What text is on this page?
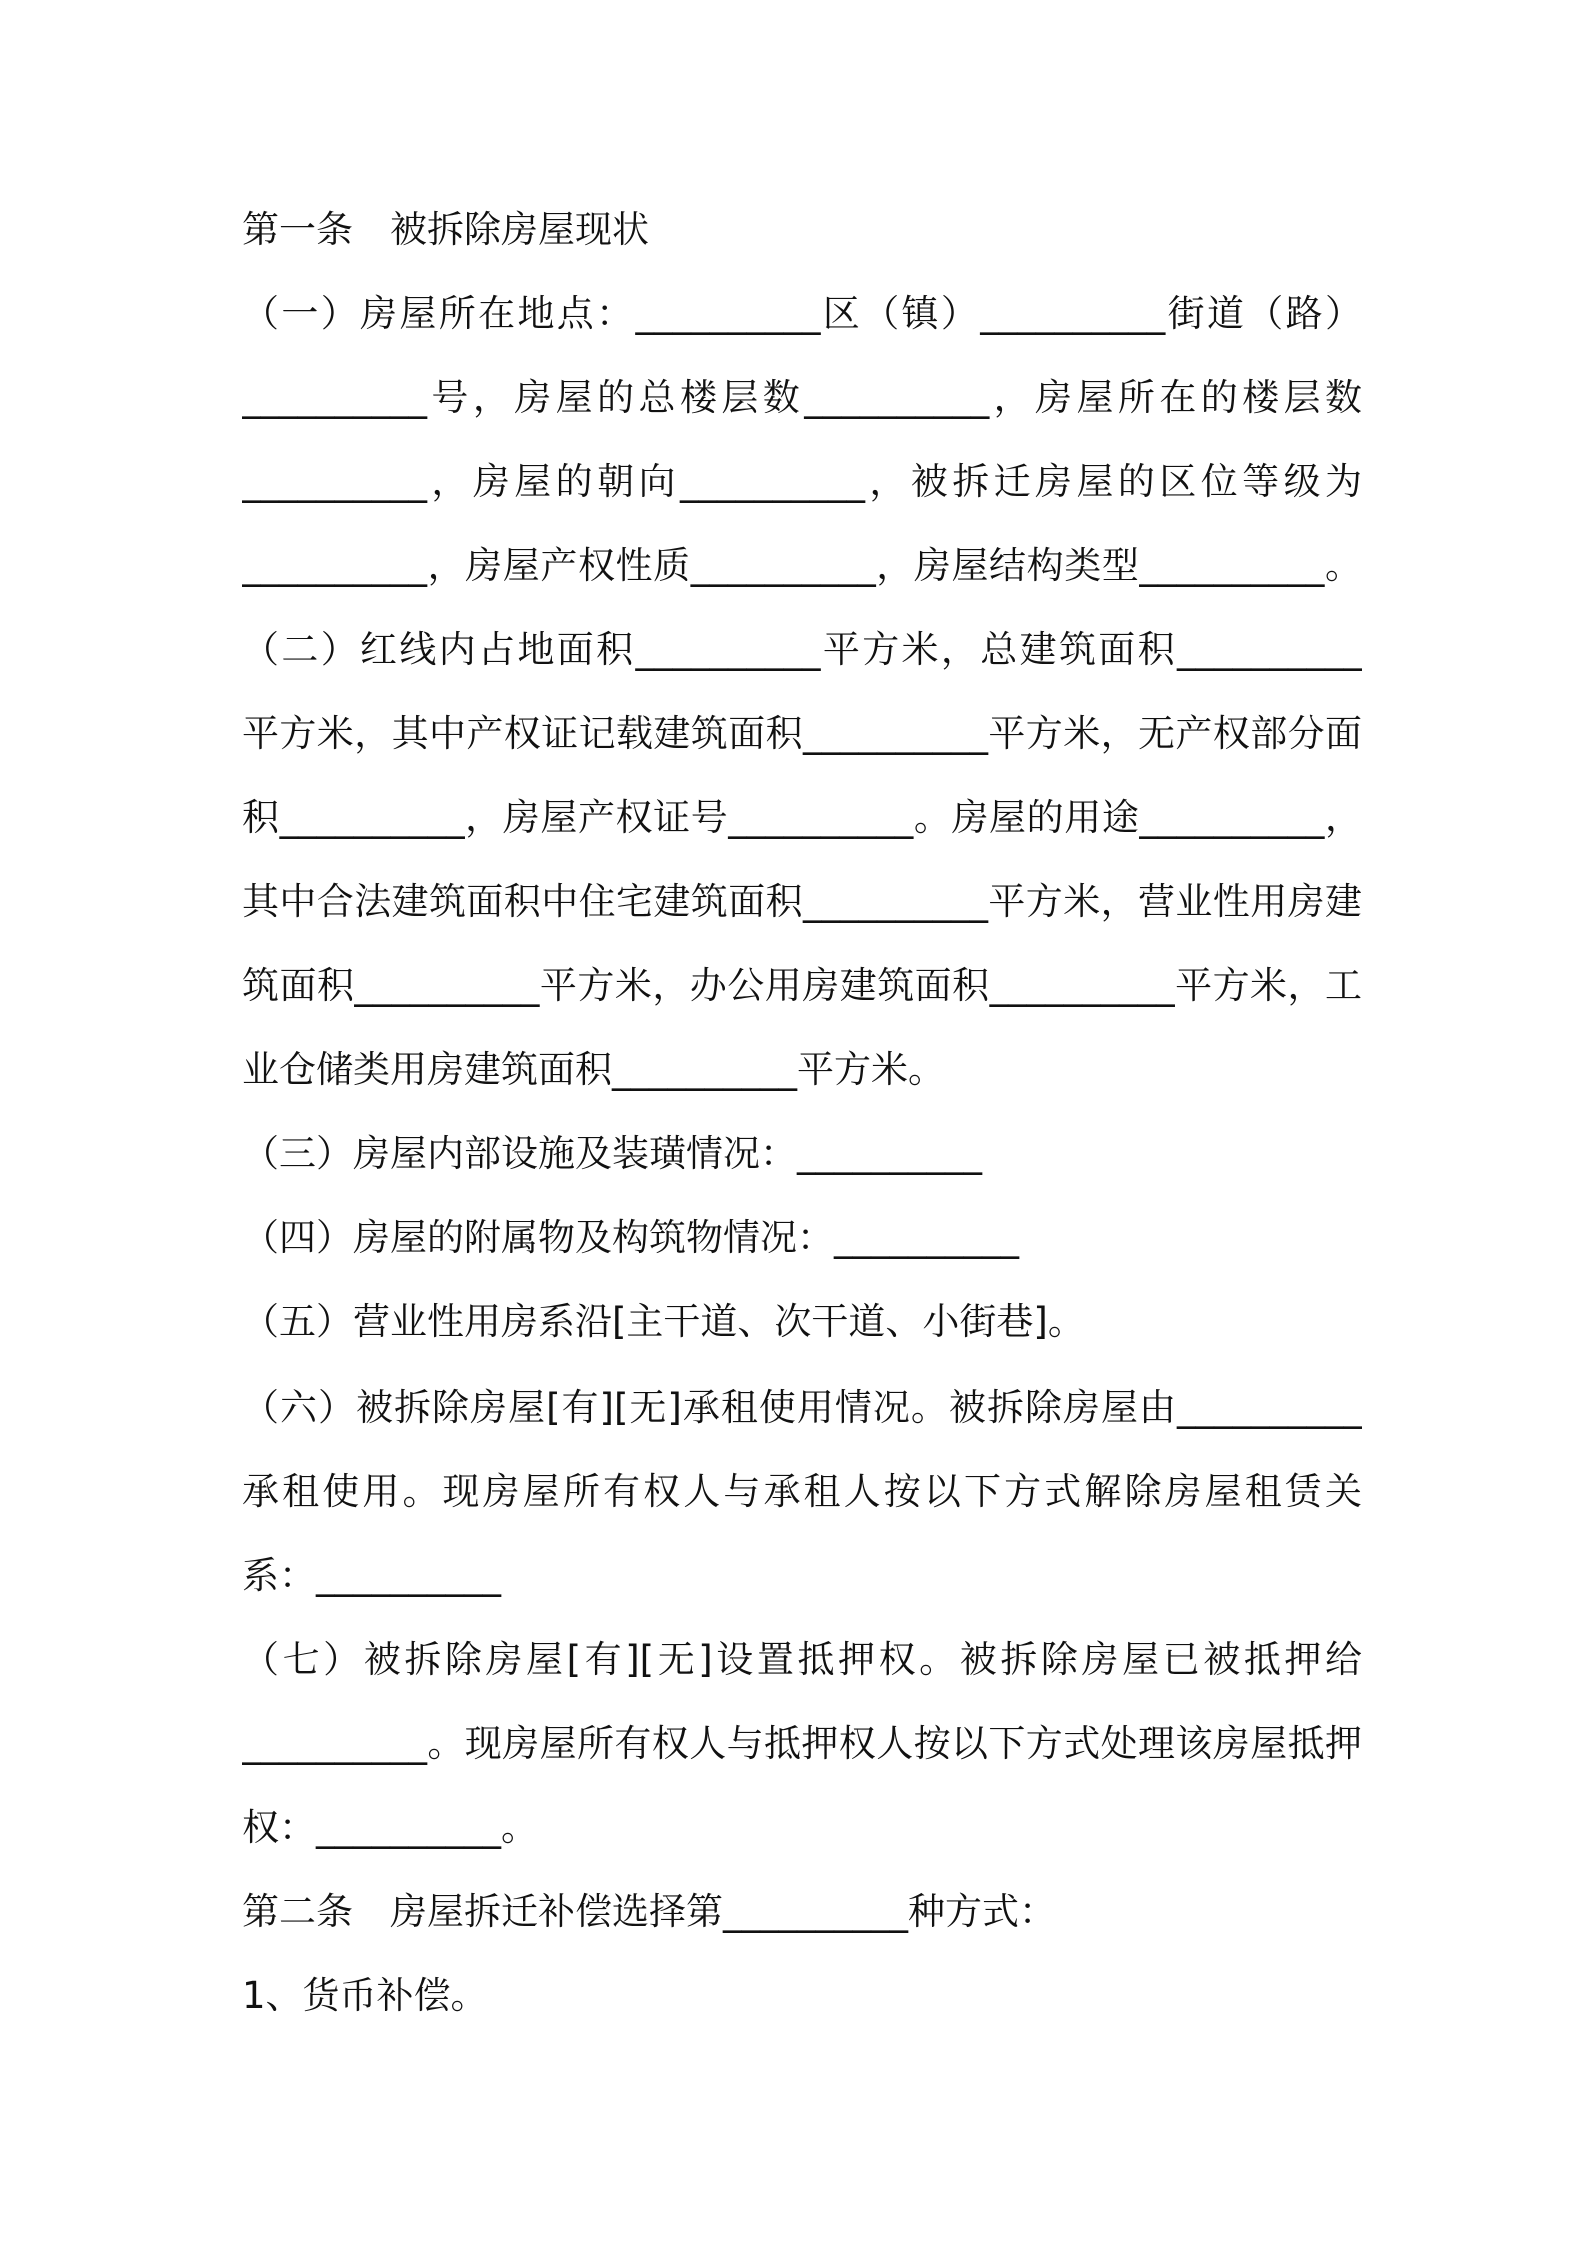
第一条　被拆除房屋现状
（一）房屋所在地点：__________区（镇）__________街道（路）
__________号，房屋的总楼层数__________，房屋所在的楼层数
__________，房屋的朝向__________，被拆迁房屋的区位等级为
__________，房屋产权性质__________，房屋结构类型__________。
（二）红线内占地面积__________平方米，总建筑面积__________
平方米，其中产权证记载建筑面积__________平方米，无产权部分面
积__________，房屋产权证号__________。房屋的用途__________，
其中合法建筑面积中住宅建筑面积__________平方米，营业性用房建
筑面积__________平方米，办公用房建筑面积__________平方米，工
业仓储类用房建筑面积__________平方米。
（三）房屋内部设施及装璜情况：__________
（四）房屋的附属物及构筑物情况：__________
（五）营业性用房系沿[主干道、次干道、小街巷]。
（六）被拆除房屋[有][无]承租使用情况。被拆除房屋由__________
承租使用。现房屋所有权人与承租人按以下方式解除房屋租赁关
系：__________
（七）被拆除房屋[有][无]设置抵押权。被拆除房屋已被抵押给
__________。现房屋所有权人与抵押权人按以下方式处理该房屋抵押
权：__________。
第二条　房屋拆迁补偿选择第__________种方式：
1、货币补偿。
